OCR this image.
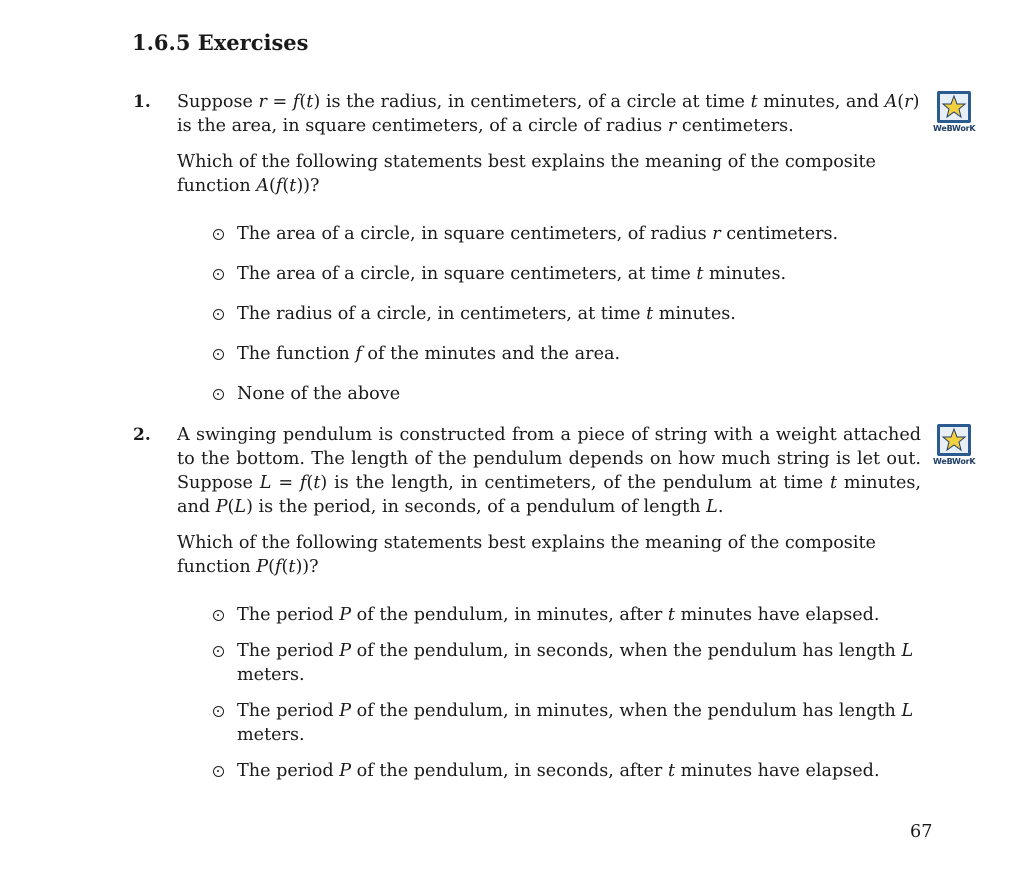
1.6.5 Exercises
1. Suppose r = f(t) is the radius, in centimeters, of a circle at time t minutes, and A(r) is the area, in square centimeters, of a circle of radius r centimeters.

Which of the following statements best explains the meaning of the composite function A(f(t))?

The area of a circle, in square centimeters, of radius r centimeters.
The area of a circle, in square centimeters, at time t minutes.
The radius of a circle, in centimeters, at time t minutes.
The function f of the minutes and the area.
None of the above
WeBWorK
2. A swinging pendulum is constructed from a piece of string with a weight attached to the bottom. The length of the pendulum depends on how much string is let out. Suppose L = f(t) is the length, in centimeters, of the pendulum at time t minutes, and P(L) is the period, in seconds, of a pendulum of length L.

Which of the following statements best explains the meaning of the composite function P(f(t))?

The period P of the pendulum, in minutes, after t minutes have elapsed.
The period P of the pendulum, in seconds, when the pendulum has length L meters.
The period P of the pendulum, in minutes, when the pendulum has length L meters.
The period P of the pendulum, in seconds, after t minutes have elapsed.
WeBWorK
67
